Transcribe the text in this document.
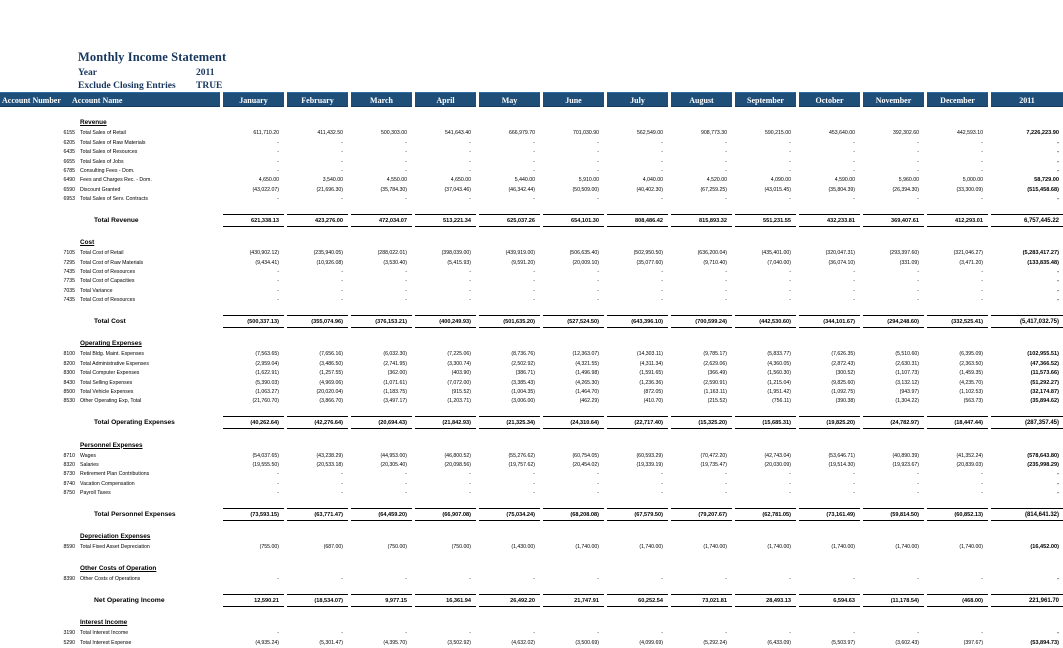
Monthly Income Statement
Year	2011
Exclude Closing Entries TRUE
Account Number Account Name	January	February	March	April	May	June	July	August	September	October	November	December	2011
Revenue
6155 Total Sales of Retail	611,710.20	411,432.50	500,303.00	541,643.40	666,979.70	701,030.90	562,549.00	908,773.30	590,215.00	453,640.00	392,302.60	442,593.10	7,226,223.90
6205 Total Sales of Raw Materials	-	-	-	-	-	-	-	-	-	-	-	-	-
6435 Total Sales of Resources	-	-	-	-	-	-	-	-	-	-	-	-	-
6655 Total Sales of Jobs	-	-	-	-	-	-	-	-	-	-	-	-	-
6785 Consulting Fees - Dom.	-	-	-	-	-	-	-	-	-	-	-	-	-
6490 Fees and Charges Rec. - Dom.	4,650.00	3,540.00	4,550.00	4,650.00	5,440.00	5,910.00	4,040.00	4,520.00	4,090.00	4,590.00	5,960.00	5,000.00	58,729.00
6590 Discount Granted	(43,022.07)	(21,696.30)	(35,784.30)	(37,043.46)	(46,342.44)	(50,509.00)	(40,402.30)	(67,259.25)	(43,015.45)	(35,804.39)	(26,394.30)	(33,300.09)	(515,458.68)
6953 Total Sales of Serv. Contracts	-	-	-	-	-	-	-	-	-	-	-	-	-
Total Revenue	621,338.13	423,276.00	472,034.07	513,221.34	625,037.26	654,101.30	808,486.42	815,893.32	551,231.55	432,233.81	369,407.61	412,293.01	6,757,445.22
Cost
7105 Total Cost of Retail	(430,902.12)	(235,940.05)	(288,022.01)	(398,039.00)	(439,919.00)	(506,635.40)	(502,950.50)	(636,200.04)	(435,401.00)	(320,047.31)	(293,397.60)	(321,046.27)	(5,283,417.27)
7295 Total Cost of Raw Materials	(9,434.41)	(10,926.08)	(3,530.40)	(5,415.93)	(9,591.20)	(20,009.10)	(35,077.60)	(9,710.40)	(7,040.00)	(36,074.10)	(331.09)	(3,471.20)	(133,835.48)
7435 Total Cost of Resources	-	-	-	-	-	-	-	-	-	-	-	-	-
7735 Total Cost of Capacities	-	-	-	-	-	-	-	-	-	-	-	-	-
7035 Total Variance	-	-	-	-	-	-	-	-	-	-	-	-	-
7435 Total Cost of Resources	-	-	-	-	-	-	-	-	-	-	-	-	-
Total Cost	(500,337.13)	(355,074.96)	(376,153.21)	(400,249.93)	(501,635.20)	(527,524.50)	(643,396.10)	(700,599.24)	(442,530.60)	(344,101.67)	(294,248.60)	(332,525.41)	(5,417,032.75)
Operating Expenses
8100 Total Bldg. Maint. Expenses	(7,563.65)	(7,656.16)	(6,032.30)	(7,225.06)	(8,736.76)	(12,363.07)	(14,303.11)	(9,785.17)	(5,833.77)	(7,626.35)	(5,510.60)	(6,395.09)	(102,955.51)
8200 Total Administrative Expenses	(2,959.04)	(3,486.50)	(2,741.95)	(3,300.74)	(2,502.92)	(4,321.55)	(4,311.34)	(2,629.06)	(4,360.05)	(2,872.43)	(2,630.31)	(2,363.50)	(47,366.52)
8300 Total Computer Expenses	(1,622.91)	(1,257.55)	(362.00)	(403.90)	(386.71)	(1,496.98)	(1,591.65)	(366.49)	(1,560.30)	(300.52)	(1,107.73)	(1,459.35)	(11,573.66)
8430 Total Selling Expenses	(5,390.03)	(4,969.06)	(1,071.61)	(7,072.00)	(3,385.43)	(4,265.30)	(1,236.36)	(2,590.91)	(1,215.04)	(9,825.60)	(3,132.12)	(4,235.70)	(51,292.27)
8500 Total Vehicle Expenses	(1,063.27)	(20,020.04)	(1,183.75)	(915.52)	(1,004.35)	(1,464.70)	(872.05)	(1,163.11)	(1,951.42)	(1,092.75)	(943.97)	(1,102.53)	(32,174.87)
8530 Other Operating Exp, Total	(21,760.70)	(3,866.70)	(3,497.17)	(1,203.71)	(3,006.00)	(462.29)	(410.70)	(215.52)	(756.11)	(390.38)	(1,304.22)	(563.73)	(35,894.62)
Total Operating Expenses	(40,262.64)	(42,276.64)	(20,694.43)	(21,842.93)	(21,325.34)	(24,310.64)	(22,717.40)	(15,325.20)	(15,685.31)	(19,825.20)	(24,782.97)	(18,447.44)	(287,357.45)
Personnel Expenses
8710 Wages	(54,037.65)	(43,238.29)	(44,953.00)	(46,800.52)	(55,276.62)	(60,754.05)	(60,593.29)	(70,472.20)	(42,743.04)	(53,646.71)	(40,890.39)	(41,352.24)	(578,643.80)
8320 Salaries	(19,555.50)	(20,533.18)	(20,305.40)	(20,098.56)	(19,757.62)	(20,454.02)	(19,339.19)	(19,735.47)	(20,030.09)	(19,514.30)	(19,923.67)	(20,839.03)	(235,998.29)
8730 Retirement Plan Contributions	-	-	-	-	-	-	-	-	-	-	-	-	-
8740 Vacation Compensation	-	-	-	-	-	-	-	-	-	-	-	-	-
8750 Payroll Taxes	-	-	-	-	-	-	-	-	-	-	-	-	-
Total Personnel Expenses	(73,593.15)	(63,771.47)	(64,459.20)	(66,907.08)	(75,034.24)	(68,208.08)	(67,579.50)	(79,207.67)	(62,781.05)	(73,161.49)	(59,814.50)	(60,852.13)	(814,641.32)
Depreciation Expenses
8590 Total Fixed Asset Depreciation	(755.00)	(687.00)	(750.00)	(750.00)	(1,430.00)	(1,740.00)	(1,740.00)	(1,740.00)	(1,740.00)	(1,740.00)	(1,740.00)	(1,740.00)	(16,452.00)
Other Costs of Operation
8390 Other Costs of Operations	-	-	-	-	-	-	-	-	-	-	-	-	-
Net Operating Income	12,590.21	(18,534.07)	9,977.15	16,361.94	26,492.20	21,747.91	60,252.54	73,021.81	28,493.13	6,594.63	(11,178.54)	(468.00)	221,961.70
Interest Income
3190 Total Interest Income	-	-	-	-	-	-	-	-	-	-	-	-	-
5290 Total Interest Expense	(4,935.24)	(5,301.47)	(4,395.70)	(3,502.92)	(4,632.02)	(3,500.69)	(4,099.69)	(5,292.24)	(6,433.09)	(5,503.97)	(3,602.43)	(397.67)	(53,894.73)
